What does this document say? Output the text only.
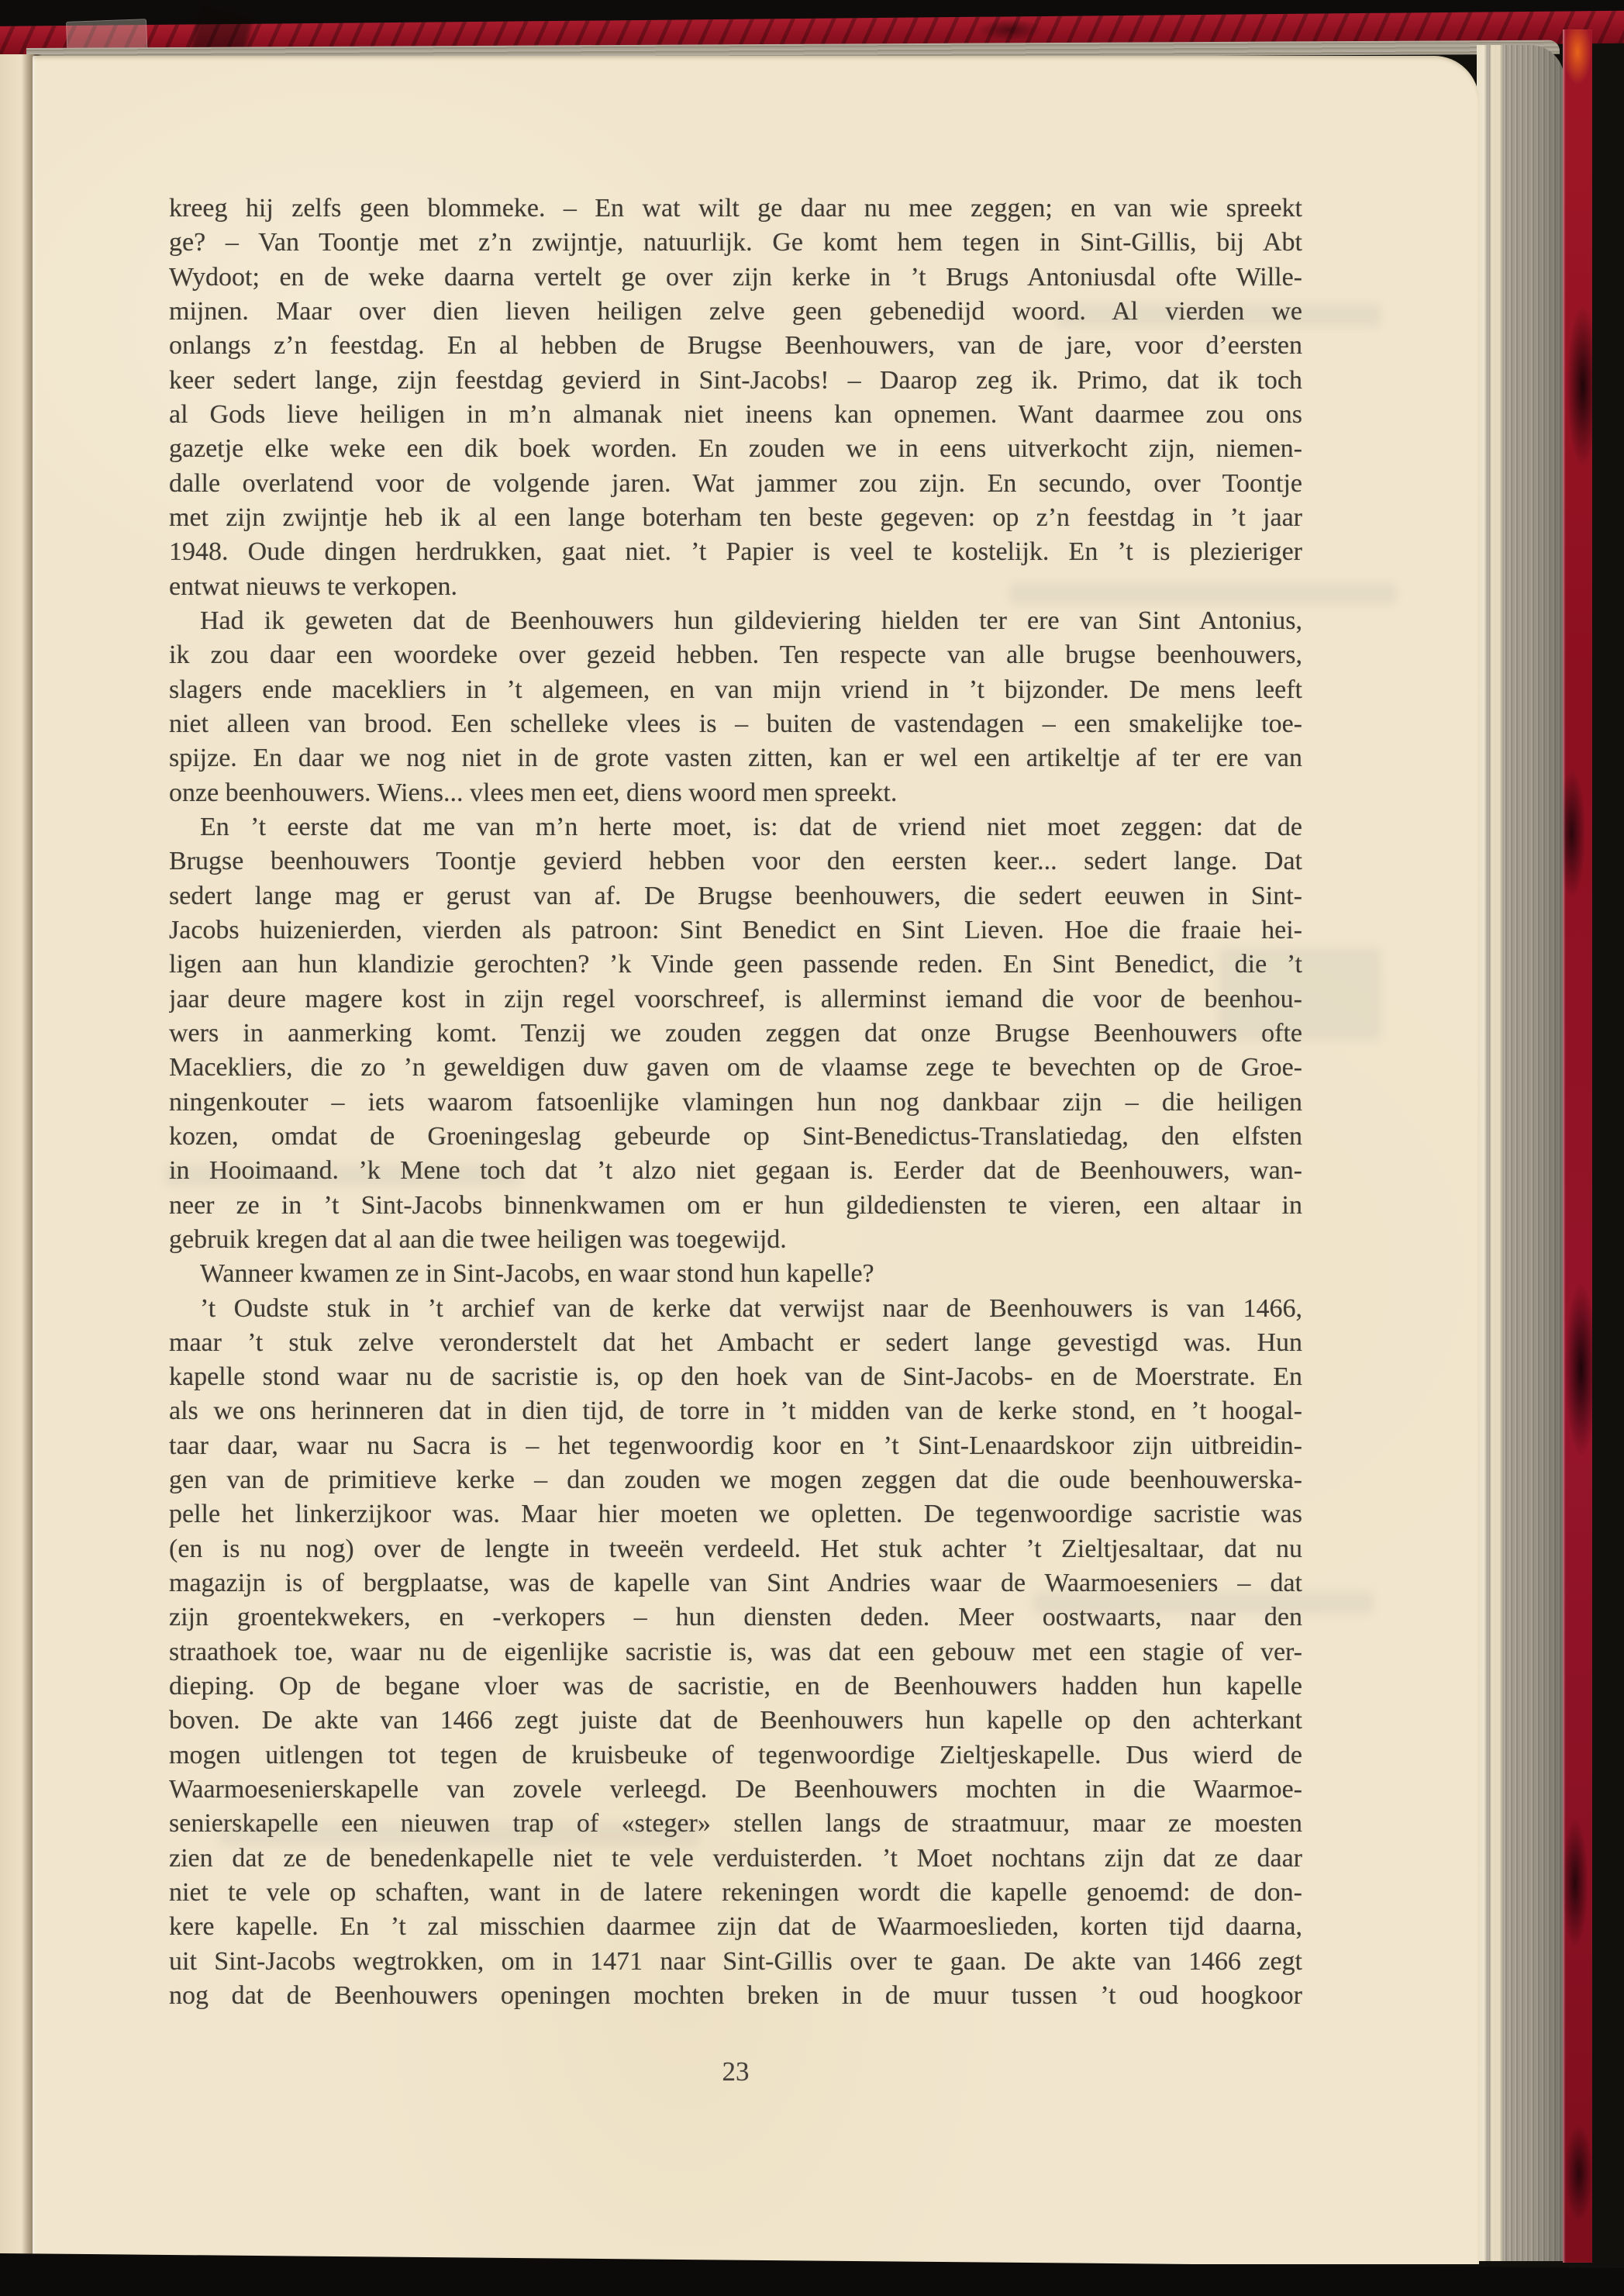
kreeg hij zelfs geen blommeke. – En wat wilt ge daar nu mee zeggen; en van wie spreekt
ge? – Van Toontje met z’n zwijntje, natuurlijk. Ge komt hem tegen in Sint-Gillis, bij Abt
Wydoot; en de weke daarna vertelt ge over zijn kerke in ’t Brugs Antoniusdal ofte Wille-
mijnen. Maar over dien lieven heiligen zelve geen gebenedijd woord. Al vierden we
onlangs z’n feestdag. En al hebben de Brugse Beenhouwers, van de jare, voor d’eersten
keer sedert lange, zijn feestdag gevierd in Sint-Jacobs! – Daarop zeg ik. Primo, dat ik toch
al Gods lieve heiligen in m’n almanak niet ineens kan opnemen. Want daarmee zou ons
gazetje elke weke een dik boek worden. En zouden we in eens uitverkocht zijn, niemen-
dalle overlatend voor de volgende jaren. Wat jammer zou zijn. En secundo, over Toontje
met zijn zwijntje heb ik al een lange boterham ten beste gegeven: op z’n feestdag in ’t jaar
1948. Oude dingen herdrukken, gaat niet. ’t Papier is veel te kostelijk. En ’t is plezieriger
entwat nieuws te verkopen.
Had ik geweten dat de Beenhouwers hun gildeviering hielden ter ere van Sint Antonius,
ik zou daar een woordeke over gezeid hebben. Ten respecte van alle brugse beenhouwers,
slagers ende macekliers in ’t algemeen, en van mijn vriend in ’t bijzonder. De mens leeft
niet alleen van brood. Een schelleke vlees is – buiten de vastendagen – een smakelijke toe-
spijze. En daar we nog niet in de grote vasten zitten, kan er wel een artikeltje af ter ere van
onze beenhouwers. Wiens... vlees men eet, diens woord men spreekt.
En ’t eerste dat me van m’n herte moet, is: dat de vriend niet moet zeggen: dat de
Brugse beenhouwers Toontje gevierd hebben voor den eersten keer... sedert lange. Dat
sedert lange mag er gerust van af. De Brugse beenhouwers, die sedert eeuwen in Sint-
Jacobs huizenierden, vierden als patroon: Sint Benedict en Sint Lieven. Hoe die fraaie hei-
ligen aan hun klandizie gerochten? ’k Vinde geen passende reden. En Sint Benedict, die ’t
jaar deure magere kost in zijn regel voorschreef, is allerminst iemand die voor de beenhou-
wers in aanmerking komt. Tenzij we zouden zeggen dat onze Brugse Beenhouwers ofte
Macekliers, die zo ’n geweldigen duw gaven om de vlaamse zege te bevechten op de Groe-
ningenkouter – iets waarom fatsoenlijke vlamingen hun nog dankbaar zijn – die heiligen
kozen, omdat de Groeningeslag gebeurde op Sint-Benedictus-Translatiedag, den elfsten
in Hooimaand. ’k Mene toch dat ’t alzo niet gegaan is. Eerder dat de Beenhouwers, wan-
neer ze in ’t Sint-Jacobs binnenkwamen om er hun gildediensten te vieren, een altaar in
gebruik kregen dat al aan die twee heiligen was toegewijd.
Wanneer kwamen ze in Sint-Jacobs, en waar stond hun kapelle?
’t Oudste stuk in ’t archief van de kerke dat verwijst naar de Beenhouwers is van 1466,
maar ’t stuk zelve veronderstelt dat het Ambacht er sedert lange gevestigd was. Hun
kapelle stond waar nu de sacristie is, op den hoek van de Sint-Jacobs- en de Moerstrate. En
als we ons herinneren dat in dien tijd, de torre in ’t midden van de kerke stond, en ’t hoogal-
taar daar, waar nu Sacra is – het tegenwoordig koor en ’t Sint-Lenaardskoor zijn uitbreidin-
gen van de primitieve kerke – dan zouden we mogen zeggen dat die oude beenhouwerska-
pelle het linkerzijkoor was. Maar hier moeten we opletten. De tegenwoordige sacristie was
(en is nu nog) over de lengte in tweeën verdeeld. Het stuk achter ’t Zieltjesaltaar, dat nu
magazijn is of bergplaatse, was de kapelle van Sint Andries waar de Waarmoeseniers – dat
zijn groentekwekers, en -verkopers – hun diensten deden. Meer oostwaarts, naar den
straathoek toe, waar nu de eigenlijke sacristie is, was dat een gebouw met een stagie of ver-
dieping. Op de begane vloer was de sacristie, en de Beenhouwers hadden hun kapelle
boven. De akte van 1466 zegt juiste dat de Beenhouwers hun kapelle op den achterkant
mogen uitlengen tot tegen de kruisbeuke of tegenwoordige Zieltjeskapelle. Dus wierd de
Waarmoesenierskapelle van zovele verleegd. De Beenhouwers mochten in die Waarmoe-
senierskapelle een nieuwen trap of «steger» stellen langs de straatmuur, maar ze moesten
zien dat ze de benedenkapelle niet te vele verduisterden. ’t Moet nochtans zijn dat ze daar
niet te vele op schaften, want in de latere rekeningen wordt die kapelle genoemd: de don-
kere kapelle. En ’t zal misschien daarmee zijn dat de Waarmoeslieden, korten tijd daarna,
uit Sint-Jacobs wegtrokken, om in 1471 naar Sint-Gillis over te gaan. De akte van 1466 zegt
nog dat de Beenhouwers openingen mochten breken in de muur tussen ’t oud hoogkoor
23
